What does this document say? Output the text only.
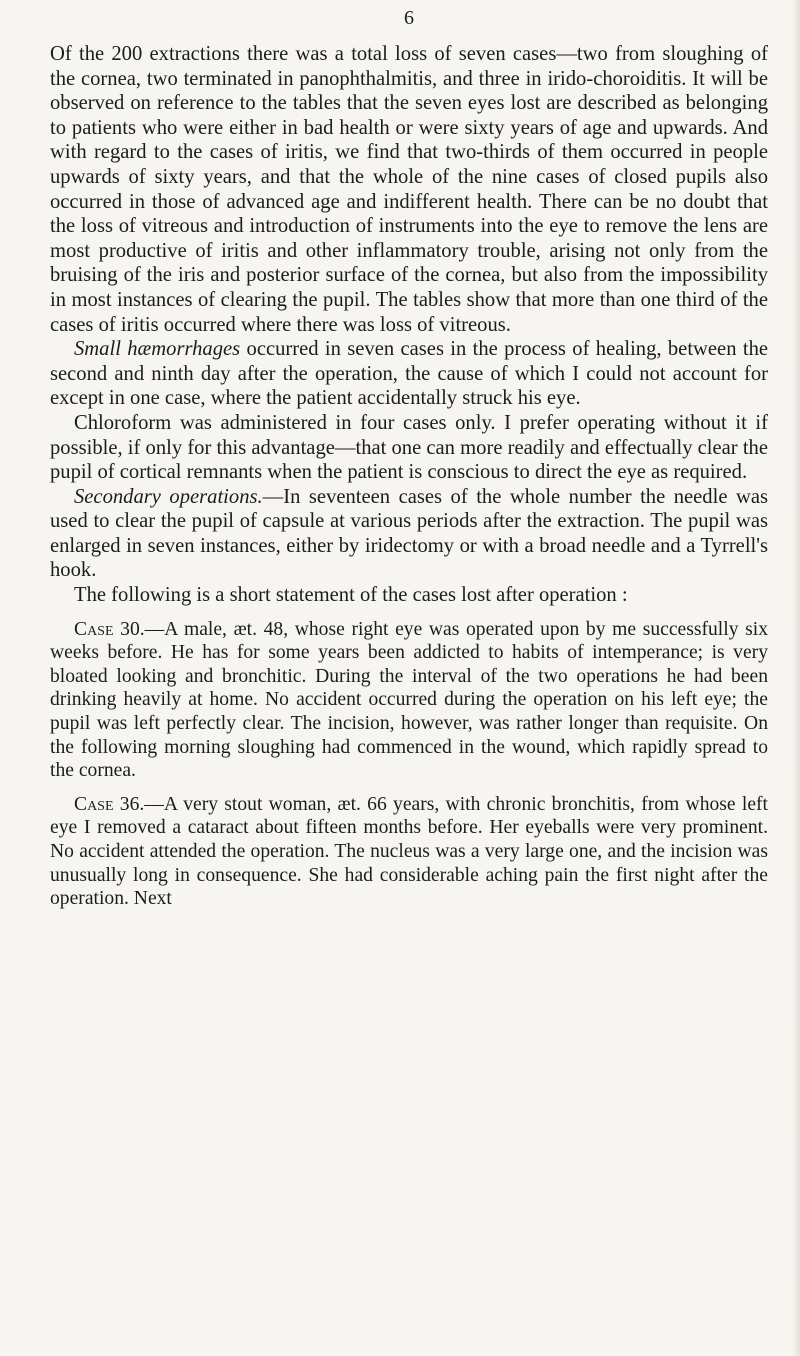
6

Of the 200 extractions there was a total loss of seven cases—two from sloughing of the cornea, two terminated in panophthalmitis, and three in irido-choroiditis. It will be observed on reference to the tables that the seven eyes lost are described as belonging to patients who were either in bad health or were sixty years of age and upwards. And with regard to the cases of iritis, we find that two-thirds of them occurred in people upwards of sixty years, and that the whole of the nine cases of closed pupils also occurred in those of advanced age and indifferent health. There can be no doubt that the loss of vitreous and introduction of instruments into the eye to remove the lens are most productive of iritis and other inflammatory trouble, arising not only from the bruising of the iris and posterior surface of the cornea, but also from the impossibility in most instances of clearing the pupil. The tables show that more than one third of the cases of iritis occurred where there was loss of vitreous.

Small hæmorrhages occurred in seven cases in the process of healing, between the second and ninth day after the operation, the cause of which I could not account for except in one case, where the patient accidentally struck his eye.

Chloroform was administered in four cases only. I prefer operating without it if possible, if only for this advantage—that one can more readily and effectually clear the pupil of cortical remnants when the patient is conscious to direct the eye as required.

Secondary operations.—In seventeen cases of the whole number the needle was used to clear the pupil of capsule at various periods after the extraction. The pupil was enlarged in seven instances, either by iridectomy or with a broad needle and a Tyrrell's hook.

The following is a short statement of the cases lost after operation :

Case 30.—A male, æt. 48, whose right eye was operated upon by me successfully six weeks before. He has for some years been addicted to habits of intemperance; is very bloated looking and bronchitic. During the interval of the two operations he had been drinking heavily at home. No accident occurred during the operation on his left eye; the pupil was left perfectly clear. The incision, however, was rather longer than requisite. On the following morning sloughing had commenced in the wound, which rapidly spread to the cornea.

Case 36.—A very stout woman, æt. 66 years, with chronic bronchitis, from whose left eye I removed a cataract about fifteen months before. Her eyeballs were very prominent. No accident attended the operation. The nucleus was a very large one, and the incision was unusually long in consequence. She had considerable aching pain the first night after the operation. Next
